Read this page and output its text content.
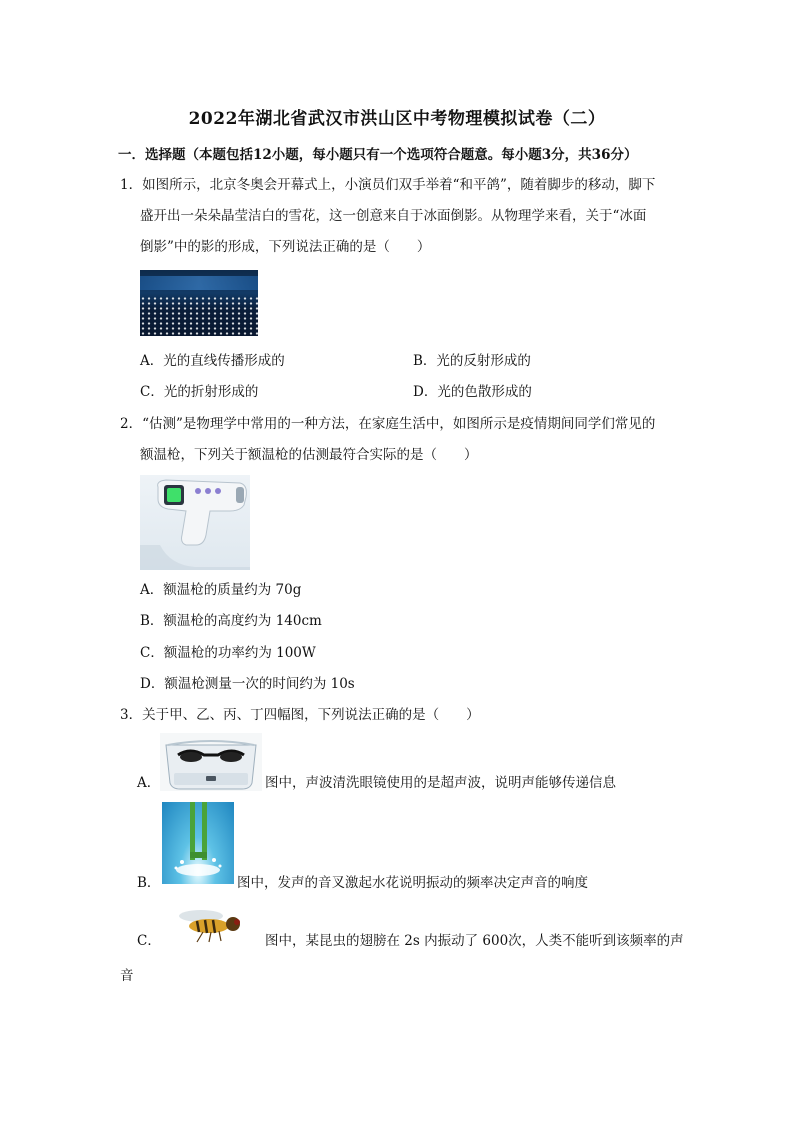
2022年湖北省武汉市洪山区中考物理模拟试卷（二）
一．选择题（本题包括12小题，每小题只有一个选项符合题意。每小题3分，共36分）
1．如图所示，北京冬奥会开幕式上，小演员们双手举着“和平鸽”，随着脚步的移动，脚下
盛开出一朵朵晶莹洁白的雪花，这一创意来自于冰面倒影。从物理学来看，关于“冰面
倒影”中的影的形成，下列说法正确的是（　　）
A．光的直线传播形成的	B．光的反射形成的
C．光的折射形成的	D．光的色散形成的
2．“估测”是物理学中常用的一种方法，在家庭生活中，如图所示是疫情期间同学们常见的
额温枪，下列关于额温枪的估测最符合实际的是（　　）
A．额温枪的质量约为 70g
B．额温枪的高度约为 140cm
C．额温枪的功率约为 100W
D．额温枪测量一次的时间约为 10s
3．关于甲、乙、丙、丁四幅图，下列说法正确的是（　　）
A．	图中，声波清洗眼镜使用的是超声波，说明声能够传递信息
B．	图中，发声的音叉激起水花说明振动的频率决定声音的响度
C．	图中，某昆虫的翅膀在 2s 内振动了 600次，人类不能听到该频率的声
音
